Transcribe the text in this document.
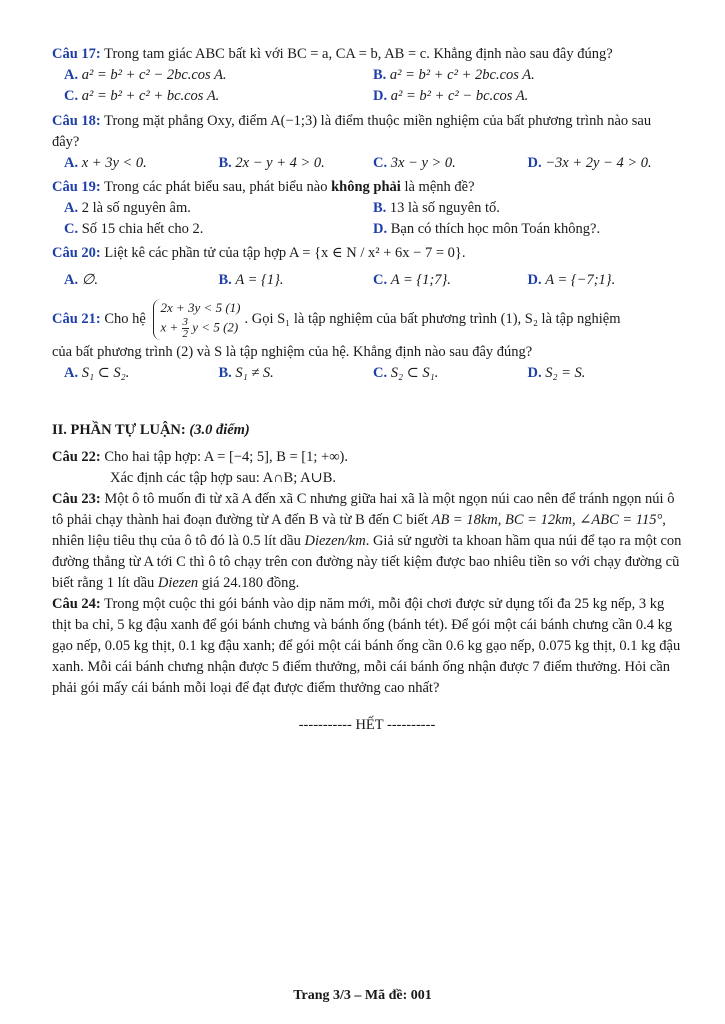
Câu 17: Trong tam giác ABC bất kì với BC = a, CA = b, AB = c. Khẳng định nào sau đây đúng?

A. a² = b² + c² − 2bc.cos A.	B. a² = b² + c² + 2bc.cos A.
C. a² = b² + c² + bc.cos A.	D. a² = b² + c² − bc.cos A.

Câu 18: Trong mặt phẳng Oxy, điểm A(−1;3) là điểm thuộc miền nghiệm của bất phương trình nào sau đây?

A. x + 3y < 0.	B. 2x − y + 4 > 0.	C. 3x − y > 0.	D. −3x + 2y − 4 > 0.

Câu 19: Trong các phát biểu sau, phát biểu nào không phải là mệnh đề?

A. 2 là số nguyên âm.	B. 13 là số nguyên tố.
C. Số 15 chia hết cho 2.	D. Bạn có thích học môn Toán không?.

Câu 20: Liệt kê các phần tử của tập hợp A = {x ∈ N / x² + 6x − 7 = 0}.

A. ∅.	B. A = {1}.	C. A = {1;7}.	D. A = {−7;1}.

Câu 21: Cho hệ
2x + 3y < 5 (1)
$x + \frac{3}{2}$ y < 5 (2)
. Gọi S₁ là tập nghiệm của bất phương trình (1), S₂ là tập nghiệm

của bất phương trình (2) và S là tập nghiệm của hệ. Khẳng định nào sau đây đúng?

A. S₁ ⊂ S₂.	B. S₁ ≠ S.	C. S₂ ⊂ S₁.	D. S₂ = S.

II. PHẦN TỰ LUẬN: (3.0 điểm)

Câu 22: Cho hai tập hợp: A = [−4; 5], B = [1; +∞).

Xác định các tập hợp sau: A∩B; A∪B.

Câu 23: Một ô tô muốn đi từ xã A đến xã C nhưng giữa hai xã là một ngọn núi cao nên để tránh ngọn núi ô tô phải chạy thành hai đoạn đường từ A đến B và từ B đến C biết AB = 18km, BC = 12km, ∠ABC = 115°, nhiên liệu tiêu thụ của ô tô đó là 0.5 lít dầu Diezen/km. Giả sử người ta khoan hầm qua núi để tạo ra một con đường thẳng từ A tới C thì ô tô chạy trên con đường này tiết kiệm được bao nhiêu tiền so với chạy đường cũ biết rằng 1 lít dầu Diezen giá 24.180 đồng.

Câu 24: Trong một cuộc thi gói bánh vào dịp năm mới, mỗi đội chơi được sử dụng tối đa 25 kg nếp, 3 kg thịt ba chỉ, 5 kg đậu xanh để gói bánh chưng và bánh ống (bánh tét). Để gói một cái bánh chưng cần 0.4 kg gạo nếp, 0.05 kg thịt, 0.1 kg đậu xanh; để gói một cái bánh ống cần 0.6 kg gạo nếp, 0.075 kg thịt, 0.1 kg đậu xanh. Mỗi cái bánh chưng nhận được 5 điểm thưởng, mỗi cái bánh ống nhận được 7 điểm thưởng. Hỏi cần phải gói mấy cái bánh mỗi loại để đạt được điểm thưởng cao nhất?

----------- HẾT ----------
Trang 3/3 – Mã đề: 001
